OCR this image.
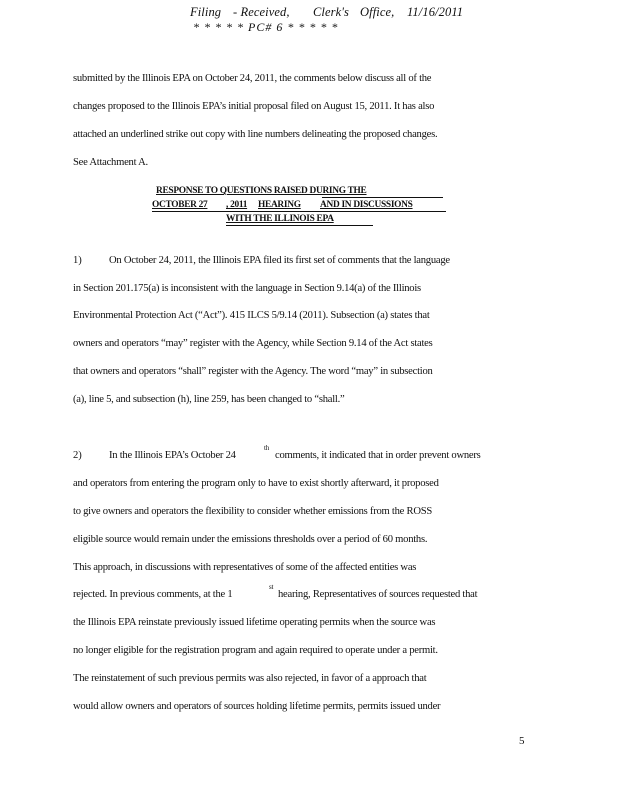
Filing - Received, Clerk's Office, 11/16/2011
* * * * * PC# 6 * * * * *
submitted by the Illinois EPA on October 24, 2011, the comments below discuss all of the
changes proposed to the Illinois EPA’s initial proposal filed on August 15, 2011. It has also
attached an underlined strike out copy with line numbers delineating the proposed changes.
See Attachment A.
RESPONSE TO QUESTIONS RAISED DURING THE
OCTOBER 27 , 2011 HEARING AND IN DISCUSSIONS
WITH THE ILLINOIS EPA
1)	On October 24, 2011, the Illinois EPA filed its first set of comments that the language
in Section 201.175(a) is inconsistent with the language in Section 9.14(a) of the Illinois
Environmental Protection Act (“Act”). 415 ILCS 5/9.14 (2011). Subsection (a) states that
owners and operators “may” register with the Agency, while Section 9.14 of the Act states
that owners and operators “shall” register with the Agency. The word “may” in subsection
(a), line 5, and subsection (h), line 259, has been changed to “shall.”
2)	In the Illinois EPA’s October 24
th
comments, it indicated that in order prevent owners
and operators from entering the program only to have to exist shortly afterward, it proposed
to give owners and operators the flexibility to consider whether emissions from the ROSS
eligible source would remain under the emissions thresholds over a period of 60 months.
This approach, in discussions with representatives of some of the affected entities was
rejected. In previous comments, at the 1
st
hearing, Representatives of sources requested that
the Illinois EPA reinstate previously issued lifetime operating permits when the source was
no longer eligible for the registration program and again required to operate under a permit.
The reinstatement of such previous permits was also rejected, in favor of a approach that
would allow owners and operators of sources holding lifetime permits, permits issued under
5
